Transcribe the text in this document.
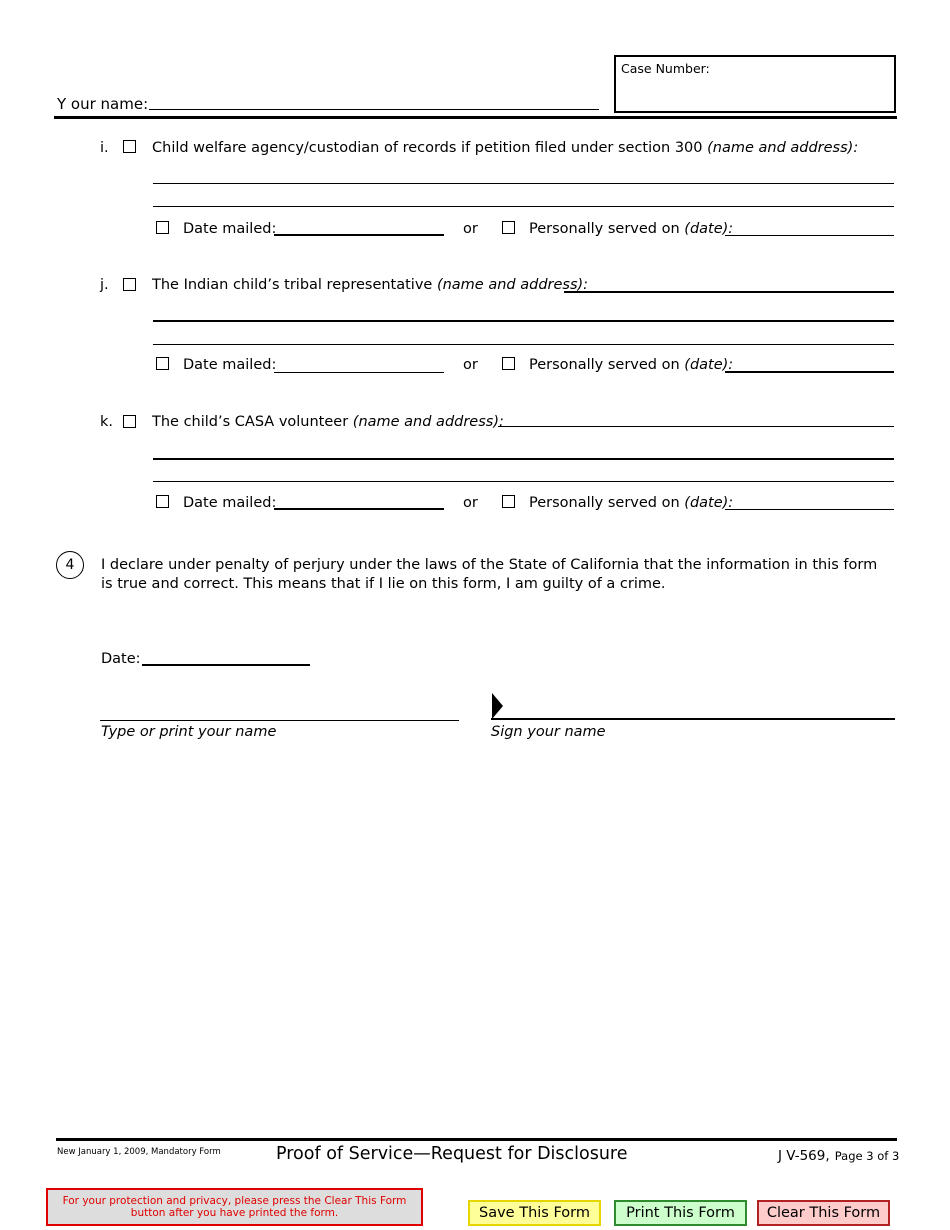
Y our name:
Case Number:
i.	Child welfare agency/custodian of records if petition filed under section 300 (name and address):
Date mailed:	or	Personally served on (date):
j.	The Indian child’s tribal representative (name and address):
Date mailed:	or	Personally served on (date):
k.	The child’s CASA volunteer (name and address):
Date mailed:	or	Personally served on (date):
4	I declare under penalty of perjury under the laws of the State of California that the information in this form
is true and correct. This means that if I lie on this form, I am guilty of a crime.
Date:
Type or print your name	Sign your name
New January 1, 2009, Mandatory Form	Proof of Service—Request for Disclosure	J V-569, Page 3 of 3
For your protection and privacy, please press the Clear This Form
button after you have printed the form.	Save This Form	Print This Form	Clear This Form
